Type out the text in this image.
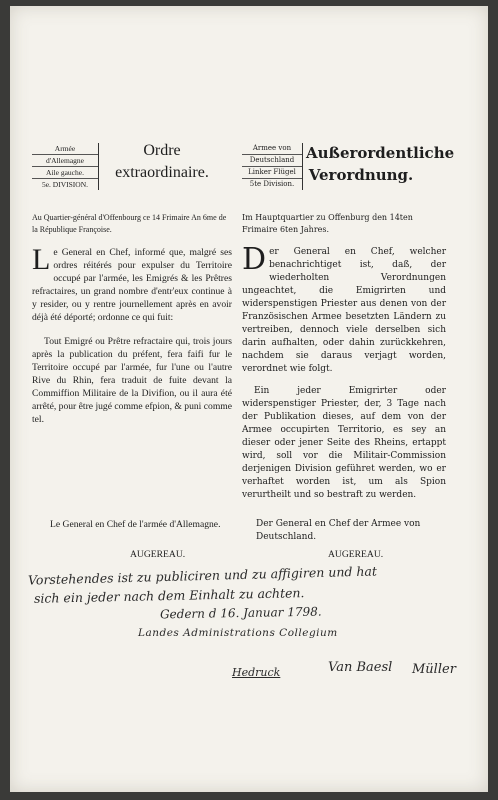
Armée
d'Allemagne
Aile gauche.
5e. DIVISION.
Ordre
extraordinaire.
Armee von
Deutschland
Linker Flügel
5te Division.
Außerordentliche
Verordnung.
Au Quartier-général d'Offenbourg ce 14 Frimaire An 6me de la République Françoise.
Im Hauptquartier zu Offenburg den 14ten Frimaire 6ten Jahres.

Le General en Chef, informé que, malgré ses ordres réitérés pour expulser du Territoire occupé par l'armée, les Emigrés & les Prêtres refractaires, un grand nombre d'entr'eux continue à y resider, ou y rentre journellement après en avoir déjà été déporté; ordonne ce qui fuit:

Tout Emigré ou Prêtre refractaire qui, trois jours après la publication du préfent, fera faifi fur le Territoire occupé par l'armée, fur l'une ou l'autre Rive du Rhin, fera traduit de fuite devant la Commiffion Militaire de la Divifion, ou il aura été arrêté, pour être jugé comme efpion, & puni comme tel.

Der General en Chef, welcher benachrichtiget ist, daß, der wiederholten Verordnungen ungeachtet, die Emigrirten und widerspenstigen Priester aus denen von der Französischen Armee besetzten Ländern zu vertreiben, dennoch viele derselben sich darin aufhalten, oder dahin zurückkehren, nachdem sie daraus verjagt worden, verordnet wie folgt.

Ein jeder Emigrirter oder widerspenstiger Priester, der, 3 Tage nach der Publikation dieses, auf dem von der Armee occupirten Territorio, es sey an dieser oder jener Seite des Rheins, ertappt wird, soll vor die Militair-Commission derjenigen Division geführet werden, wo er verhaftet worden ist, um als Spion verurtheilt und so bestraft zu werden.

Le General en Chef de l'armée d'Allemagne.
AUGEREAU.
Der General en Chef der Armee von Deutschland.
AUGEREAU.
Vorstehendes ist zu publiciren und zu affigiren und hat
sich ein jeder nach dem Einhalt zu achten.
Gedern d 16. Januar 1798.
Landes Administrations Collegium
Hedruck	Van Baesl Müller
